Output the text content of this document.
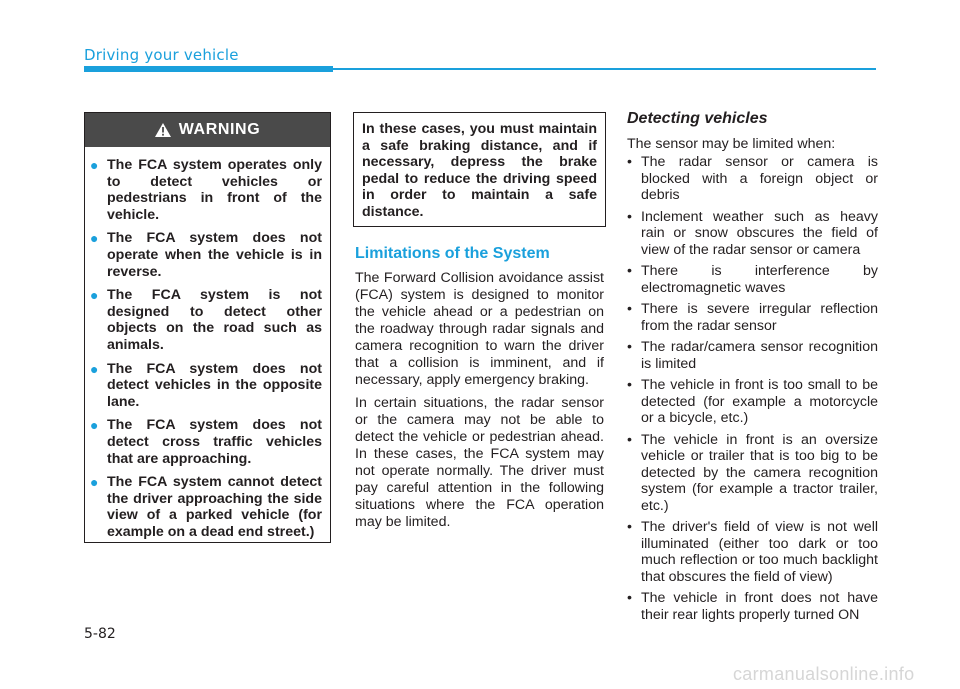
Driving your vehicle
WARNING
● The FCA system operates only to detect vehicles or pedestrians in front of the vehicle.
● The FCA system does not operate when the vehicle is in reverse.
● The FCA system is not designed to detect other objects on the road such as animals.
● The FCA system does not detect vehicles in the opposite lane.
● The FCA system does not detect cross traffic vehicles that are approaching.
● The FCA system cannot detect the driver approaching the side view of a parked vehicle (for example on a dead end street.)
In these cases, you must maintain a safe braking distance, and if necessary, depress the brake pedal to reduce the driving speed in order to maintain a safe distance.
Limitations of the System

The Forward Collision avoidance assist (FCA) system is designed to monitor the vehicle ahead or a pedestrian on the roadway through radar signals and camera recognition to warn the driver that a collision is imminent, and if necessary, apply emergency braking.

In certain situations, the radar sensor or the camera may not be able to detect the vehicle or pedestrian ahead. In these cases, the FCA system may not operate normally. The driver must pay careful attention in the following situations where the FCA operation may be limited.

Detecting vehicles
The sensor may be limited when:
• The radar sensor or camera is blocked with a foreign object or debris
• Inclement weather such as heavy rain or snow obscures the field of view of the radar sensor or camera
• There is interference by electromagnetic waves
• There is severe irregular reflection from the radar sensor
• The radar/camera sensor recognition is limited
• The vehicle in front is too small to be detected (for example a motorcycle or a bicycle, etc.)
• The vehicle in front is an oversize vehicle or trailer that is too big to be detected by the camera recognition system (for example a tractor trailer, etc.)
• The driver's field of view is not well illuminated (either too dark or too much reflection or too much backlight that obscures the field of view)
• The vehicle in front does not have their rear lights properly turned ON
5-82
carmanualsonline.info
